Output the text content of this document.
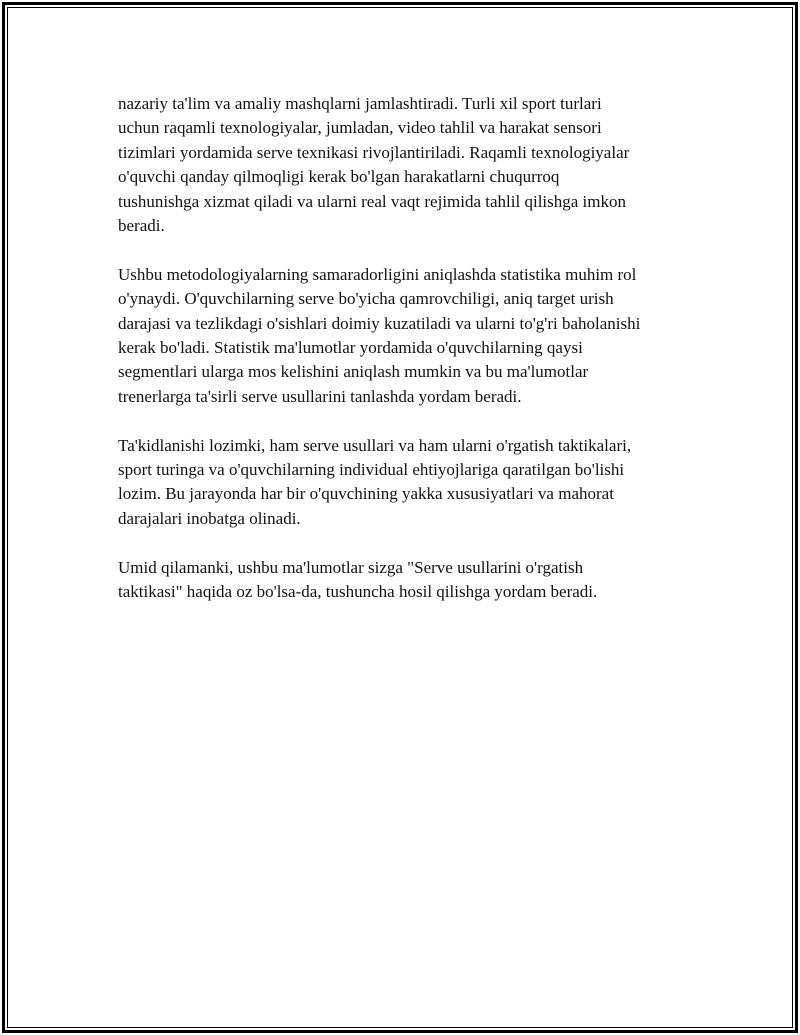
nazariy ta'lim va amaliy mashqlarni jamlashtiradi. Turli xil sport turlari
uchun raqamli texnologiyalar, jumladan, video tahlil va harakat sensori
tizimlari yordamida serve texnikasi rivojlantiriladi. Raqamli texnologiyalar
o'quvchi qanday qilmoqligi kerak bo'lgan harakatlarni chuqurroq
tushunishga xizmat qiladi va ularni real vaqt rejimida tahlil qilishga imkon
beradi.

Ushbu metodologiyalarning samaradorligini aniqlashda statistika muhim rol
o'ynaydi. O'quvchilarning serve bo'yicha qamrovchiligi, aniq target urish
darajasi va tezlikdagi o'sishlari doimiy kuzatiladi va ularni to'g'ri baholanishi
kerak bo'ladi. Statistik ma'lumotlar yordamida o'quvchilarning qaysi
segmentlari ularga mos kelishini aniqlash mumkin va bu ma'lumotlar
trenerlarga ta'sirli serve usullarini tanlashda yordam beradi.

Ta'kidlanishi lozimki, ham serve usullari va ham ularni o'rgatish taktikalari,
sport turinga va o'quvchilarning individual ehtiyojlariga qaratilgan bo'lishi
lozim. Bu jarayonda har bir o'quvchining yakka xususiyatlari va mahorat
darajalari inobatga olinadi.

Umid qilamanki, ushbu ma'lumotlar sizga "Serve usullarini o'rgatish
taktikasi" haqida oz bo'lsa-da, tushuncha hosil qilishga yordam beradi.
